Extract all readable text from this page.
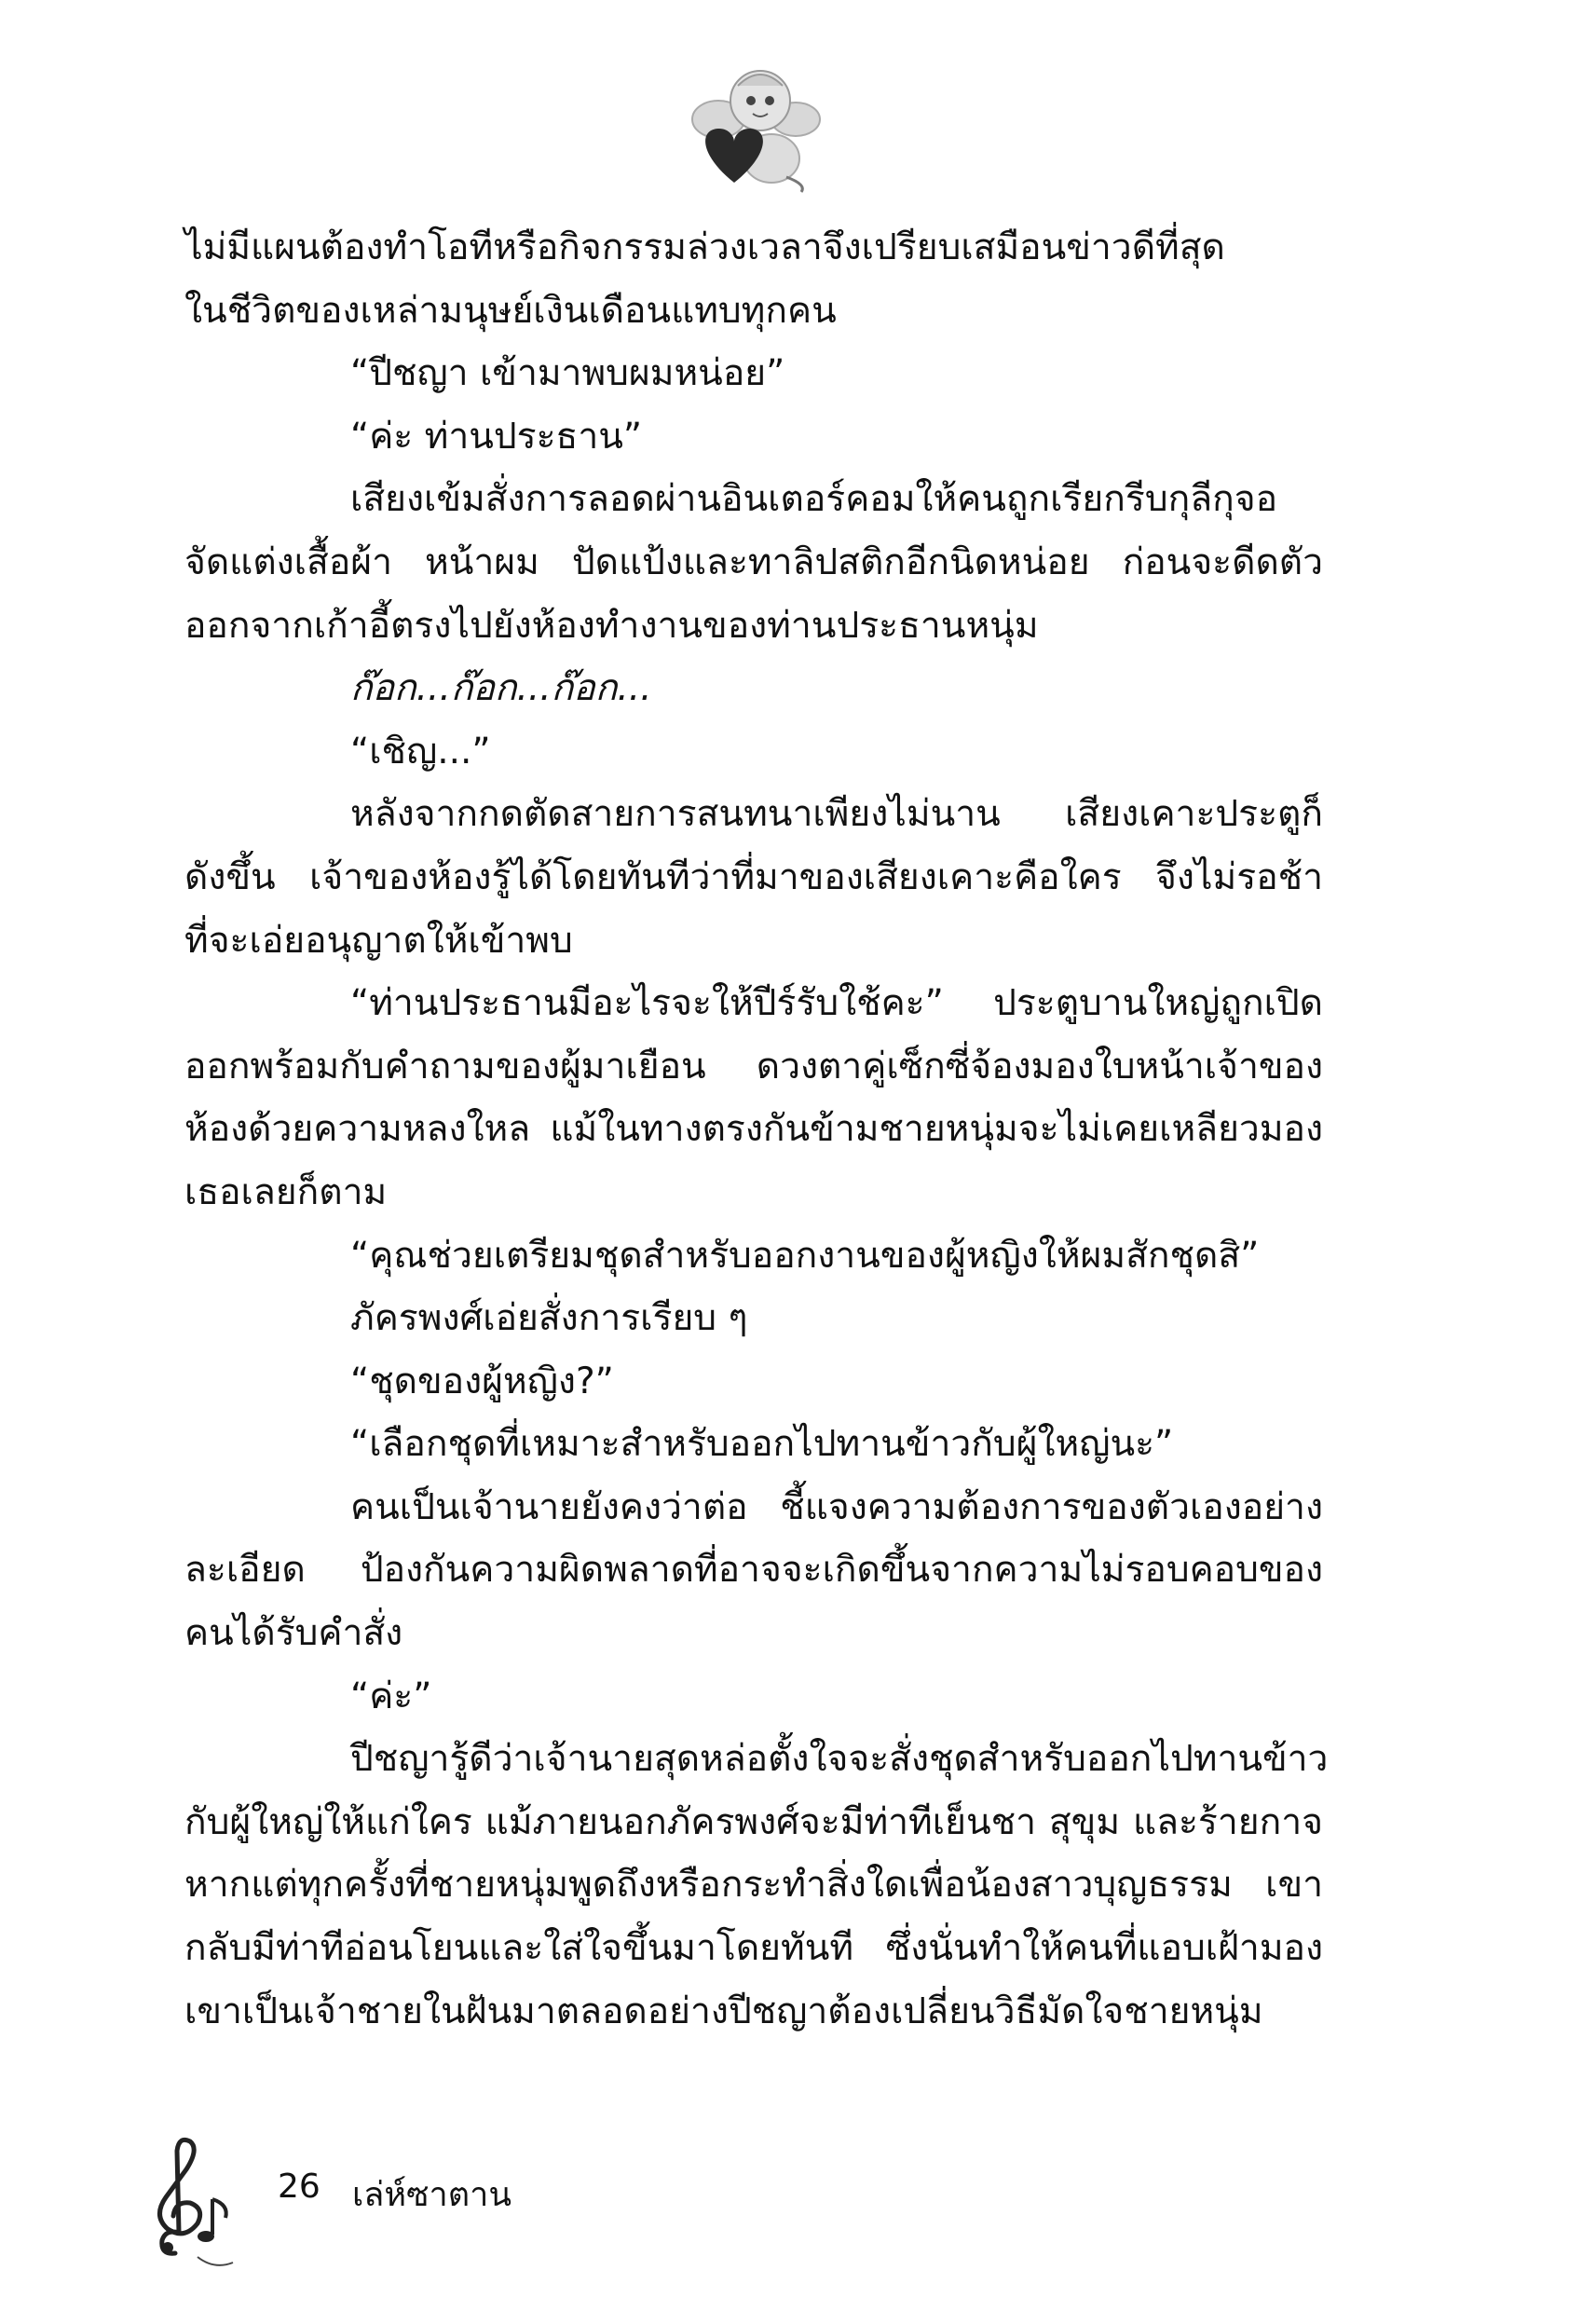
ไม่มีแผนต้องทำโอทีหรือกิจกรรมล่วงเวลาจึงเปรียบเสมือนข่าวดีที่สุด
ในชีวิตของเหล่ามนุษย์เงินเดือนแทบทุกคน
“ปีชญา เข้ามาพบผมหน่อย”
“ค่ะ ท่านประธาน”
เสียงเข้มสั่งการลอดผ่านอินเตอร์คอมให้คนถูกเรียกรีบกุลีกุจอ
จัดแต่งเสื้อผ้า หน้าผม ปัดแป้งและทาลิปสติกอีกนิดหน่อย ก่อนจะดีดตัว
ออกจากเก้าอี้ตรงไปยังห้องทำงานของท่านประธานหนุ่ม
ก๊อก...ก๊อก...ก๊อก...
“เชิญ...”
หลังจากกดตัดสายการสนทนาเพียงไม่นาน เสียงเคาะประตูก็
ดังขึ้น เจ้าของห้องรู้ได้โดยทันทีว่าที่มาของเสียงเคาะคือใคร จึงไม่รอช้า
ที่จะเอ่ยอนุญาตให้เข้าพบ
“ท่านประธานมีอะไรจะให้ปีร์รับใช้คะ” ประตูบานใหญ่ถูกเปิด
ออกพร้อมกับคำถามของผู้มาเยือน ดวงตาคู่เซ็กซี่จ้องมองใบหน้าเจ้าของ
ห้องด้วยความหลงใหล แม้ในทางตรงกันข้ามชายหนุ่มจะไม่เคยเหลียวมอง
เธอเลยก็ตาม
“คุณช่วยเตรียมชุดสำหรับออกงานของผู้หญิงให้ผมสักชุดสิ”
ภัครพงศ์เอ่ยสั่งการเรียบ ๆ
“ชุดของผู้หญิง?”
“เลือกชุดที่เหมาะสำหรับออกไปทานข้าวกับผู้ใหญ่นะ”
คนเป็นเจ้านายยังคงว่าต่อ ชี้แจงความต้องการของตัวเองอย่าง
ละเอียด ป้องกันความผิดพลาดที่อาจจะเกิดขึ้นจากความไม่รอบคอบของ
คนได้รับคำสั่ง
“ค่ะ”
ปีชญารู้ดีว่าเจ้านายสุดหล่อตั้งใจจะสั่งชุดสำหรับออกไปทานข้าว
กับผู้ใหญ่ให้แก่ใคร แม้ภายนอกภัครพงศ์จะมีท่าทีเย็นชา สุขุม และร้ายกาจ
หากแต่ทุกครั้งที่ชายหนุ่มพูดถึงหรือกระทำสิ่งใดเพื่อน้องสาวบุญธรรม เขา
กลับมีท่าทีอ่อนโยนและใส่ใจขึ้นมาโดยทันที ซึ่งนั่นทำให้คนที่แอบเฝ้ามอง
เขาเป็นเจ้าชายในฝันมาตลอดอย่างปีชญาต้องเปลี่ยนวิธีมัดใจชายหนุ่ม
26 เล่ห์ซาตาน
